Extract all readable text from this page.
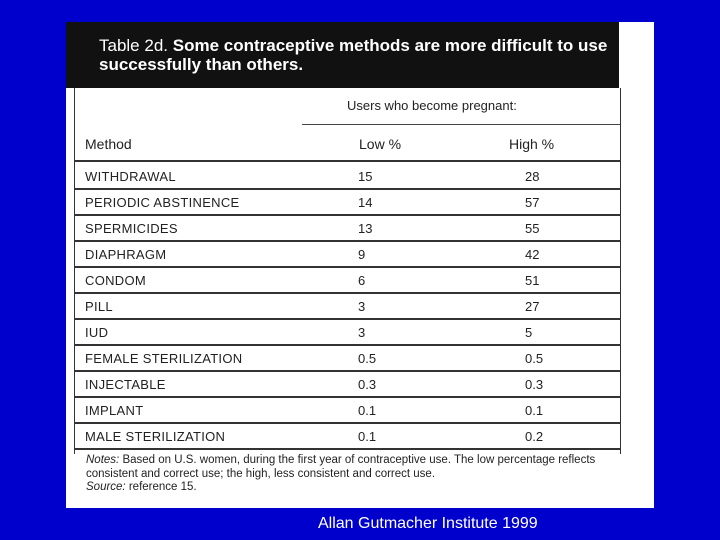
Table 2d. Some contraceptive methods are more difficult to use successfully than others.
Users who become pregnant:
Method	Low %	High %
WITHDRAWAL	15	28
PERIODIC ABSTINENCE	14	57
SPERMICIDES	13	55
DIAPHRAGM	9	42
CONDOM	6	51
PILL	3	27
IUD	3	5
FEMALE STERILIZATION	0.5	0.5
INJECTABLE	0.3	0.3
IMPLANT	0.1	0.1
MALE STERILIZATION	0.1	0.2
Notes: Based on U.S. women, during the first year of contraceptive use. The low percentage reflects consistent and correct use; the high, less consistent and correct use.
Source: reference 15.
Allan Gutmacher Institute 1999
